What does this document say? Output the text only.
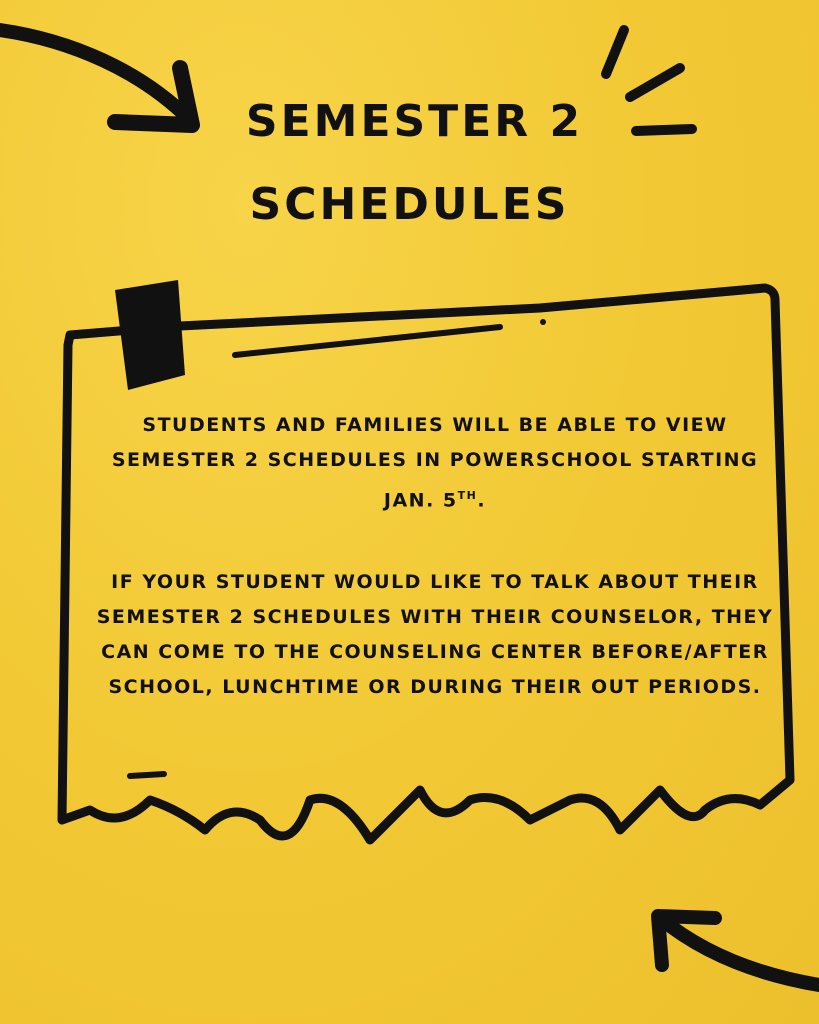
SEMESTER 2
SCHEDULES
STUDENTS AND FAMILIES WILL BE ABLE TO VIEW SEMESTER 2 SCHEDULES IN POWERSCHOOL STARTING JAN. 5TH.
IF YOUR STUDENT WOULD LIKE TO TALK ABOUT THEIR SEMESTER 2 SCHEDULES WITH THEIR COUNSELOR, THEY CAN COME TO THE COUNSELING CENTER BEFORE/AFTER SCHOOL, LUNCHTIME OR DURING THEIR OUT PERIODS.
